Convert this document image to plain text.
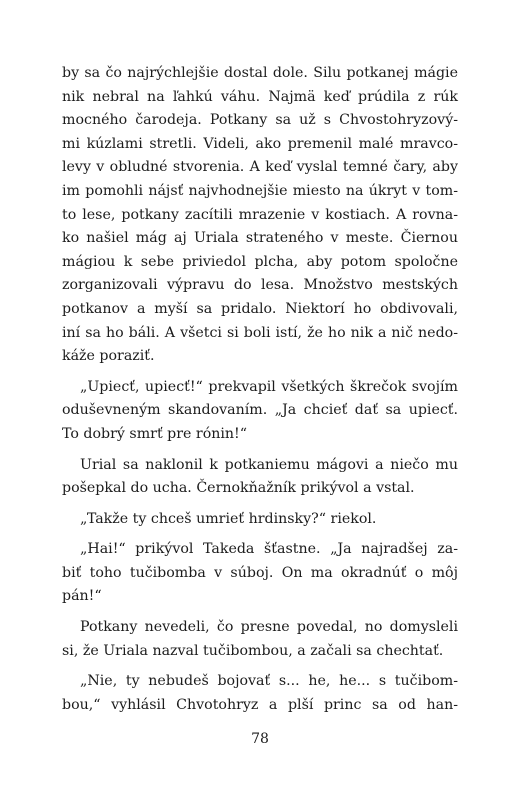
by sa čo najrýchlejšie dostal dole. Silu potkanej mágie
nik nebral na ľahkú váhu. Najmä keď prúdila z rúk
mocného čarodeja. Potkany sa už s Chvostohryzový-
mi kúzlami stretli. Videli, ako premenil malé mravco-
levy v obludné stvorenia. A keď vyslal temné čary, aby
im pomohli nájsť najvhodnejšie miesto na úkryt v tom-
to lese, potkany zacítili mrazenie v kostiach. A rovna-
ko našiel mág aj Uriala strateného v meste. Čiernou
mágiou k sebe priviedol plcha, aby potom spoločne
zorganizovali výpravu do lesa. Množstvo mestských
potkanov a myší sa pridalo. Niektorí ho obdivovali,
iní sa ho báli. A všetci si boli istí, že ho nik a nič nedo-
káže poraziť.
„Upiecť, upiecť!“ prekvapil všetkých škrečok svojím
oduševneným skandovaním. „Ja chcieť dať sa upiecť.
To dobrý smrť pre rónin!“
Urial sa naklonil k potkaniemu mágovi a niečo mu
pošepkal do ucha. Černokňažník prikývol a vstal.
„Takže ty chceš umrieť hrdinsky?“ riekol.
„Hai!“ prikývol Takeda šťastne. „Ja najradšej za-
biť toho tučibomba v súboj. On ma okradnúť o môj
pán!“
Potkany nevedeli, čo presne povedal, no domysleli
si, že Uriala nazval tučibombou, a začali sa chechtať.
„Nie, ty nebudeš bojovať s... he, he... s tučibom-
bou,“ vyhlásil Chvotohryz a plší princ sa od han-
78
